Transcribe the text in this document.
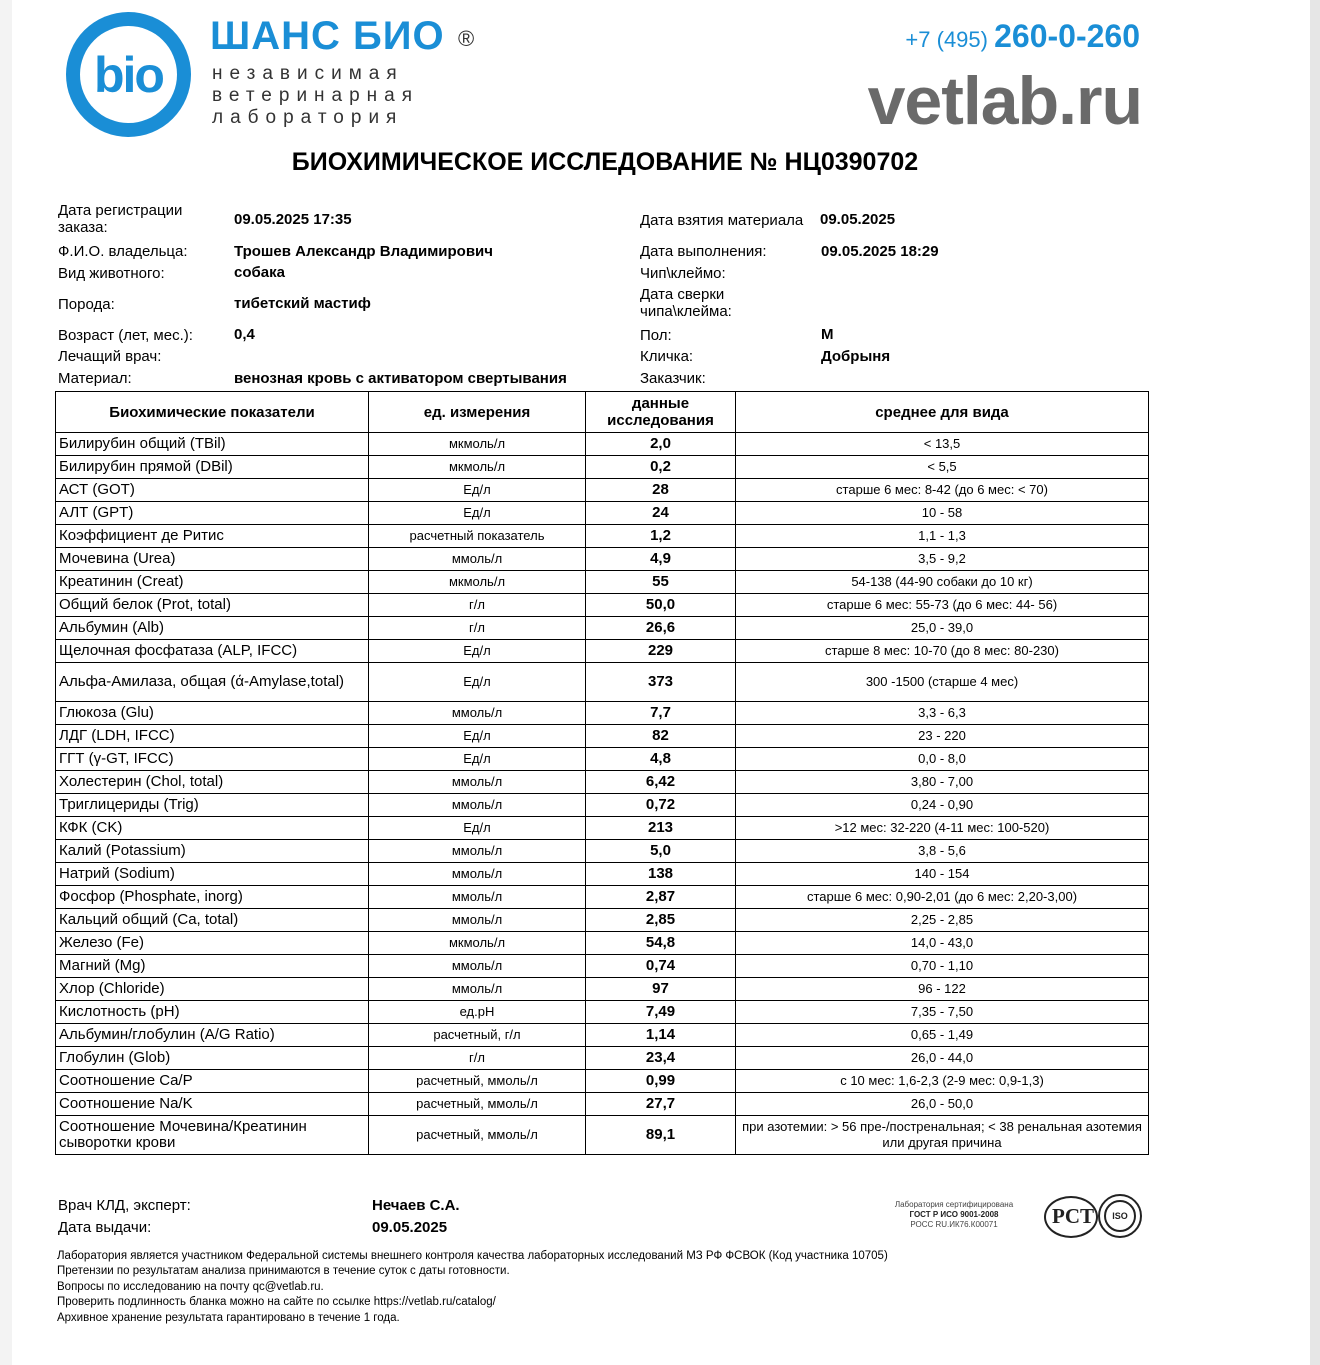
bio
ШАНС БИО ®
независимая
ветеринарная
лаборатория
+7 (495) 260-0-260
vetlab.ru
БИОХИМИЧЕСКОЕ ИССЛЕДОВАНИЕ № НЦ0390702
Дата регистрации заказа:	09.05.2025 17:35
Ф.И.О. владельца:	Трошев Александр Владимирович
Вид животного:	собака
Порода:	тибетский мастиф
Возраст (лет, мес.):	0,4
Лечащий врач:
Материал:	венозная кровь с активатором свертывания
Дата взятия материала 09.05.2025
Дата выполнения:	09.05.2025 18:29
Чип\клеймо:
Дата сверки чипа\клейма:
Пол:	М
Кличка:	Добрыня
Заказчик:
Биохимические показатели	ед. измерения	данные исследования	среднее для вида
Билирубин общий (TBil)	мкмоль/л	2,0	< 13,5
Билирубин прямой (DBil)	мкмоль/л	0,2	< 5,5
АСТ (GOT)	Ед/л	28	старше 6 мес: 8-42 (до 6 мес: < 70)
АЛТ (GPT)	Ед/л	24	10 - 58
Коэффициент де Ритис	расчетный показатель	1,2	1,1 - 1,3
Мочевина (Urea)	ммоль/л	4,9	3,5 - 9,2
Креатинин (Creat)	мкмоль/л	55	54-138 (44-90 собаки до 10 кг)
Общий белок (Prot, total)	г/л	50,0	старше 6 мес: 55-73 (до 6 мес: 44- 56)
Альбумин (Alb)	г/л	26,6	25,0 - 39,0
Щелочная фосфатаза (ALP, IFCC)	Ед/л	229	старше 8 мес: 10-70 (до 8 мес: 80-230)
Альфа-Амилаза, общая (ά-Amylase,total)	Ед/л	373	300 -1500 (старше 4 мес)
Глюкоза (Glu)	ммоль/л	7,7	3,3 - 6,3
ЛДГ (LDH, IFCC)	Ед/л	82	23 - 220
ГГТ (γ-GT, IFCC)	Ед/л	4,8	0,0 - 8,0
Холестерин (Chol, total)	ммоль/л	6,42	3,80 - 7,00
Триглицериды (Trig)	ммоль/л	0,72	0,24 - 0,90
КФК (CK)	Ед/л	213	>12 мес: 32-220 (4-11 мес: 100-520)
Калий (Potassium)	ммоль/л	5,0	3,8 - 5,6
Натрий (Sodium)	ммоль/л	138	140 - 154
Фосфор (Phosphate, inorg)	ммоль/л	2,87	старше 6 мес: 0,90-2,01 (до 6 мес: 2,20-3,00)
Кальций общий (Ca, total)	ммоль/л	2,85	2,25 - 2,85
Железо (Fe)	мкмоль/л	54,8	14,0 - 43,0
Магний (Mg)	ммоль/л	0,74	0,70 - 1,10
Хлор (Chloride)	ммоль/л	97	96 - 122
Кислотность (pH)	ед.pH	7,49	7,35 - 7,50
Альбумин/глобулин (A/G Ratio)	расчетный, г/л	1,14	0,65 - 1,49
Глобулин (Glob)	г/л	23,4	26,0 - 44,0
Соотношение Ca/P	расчетный, ммоль/л	0,99	с 10 мес: 1,6-2,3 (2-9 мес: 0,9-1,3)
Соотношение Na/K	расчетный, ммоль/л	27,7	26,0 - 50,0
Соотношение Мочевина/Креатинин сыворотки крови	расчетный, ммоль/л	89,1	при азотемии: > 56 пре-/постренальная; < 38 ренальная азотемия или другая причина
Врач КЛД, эксперт:	Нечаев С.А.
Дата выдачи:	09.05.2025
Лаборатория сертифицирована
ГОСТ Р ИСО 9001-2008
РОСС RU.ИК76.К00071	PCT	ISO
Лаборатория является участником Федеральной системы внешнего контроля качества лабораторных исследований МЗ РФ ФСВОК (Код участника 10705)
Претензии по результатам анализа принимаются в течение суток с даты готовности.
Вопросы по исследованию на почту qc@vetlab.ru.
Проверить подлинность бланка можно на сайте по ссылке https://vetlab.ru/catalog/
Архивное хранение результата гарантировано в течение 1 года.
